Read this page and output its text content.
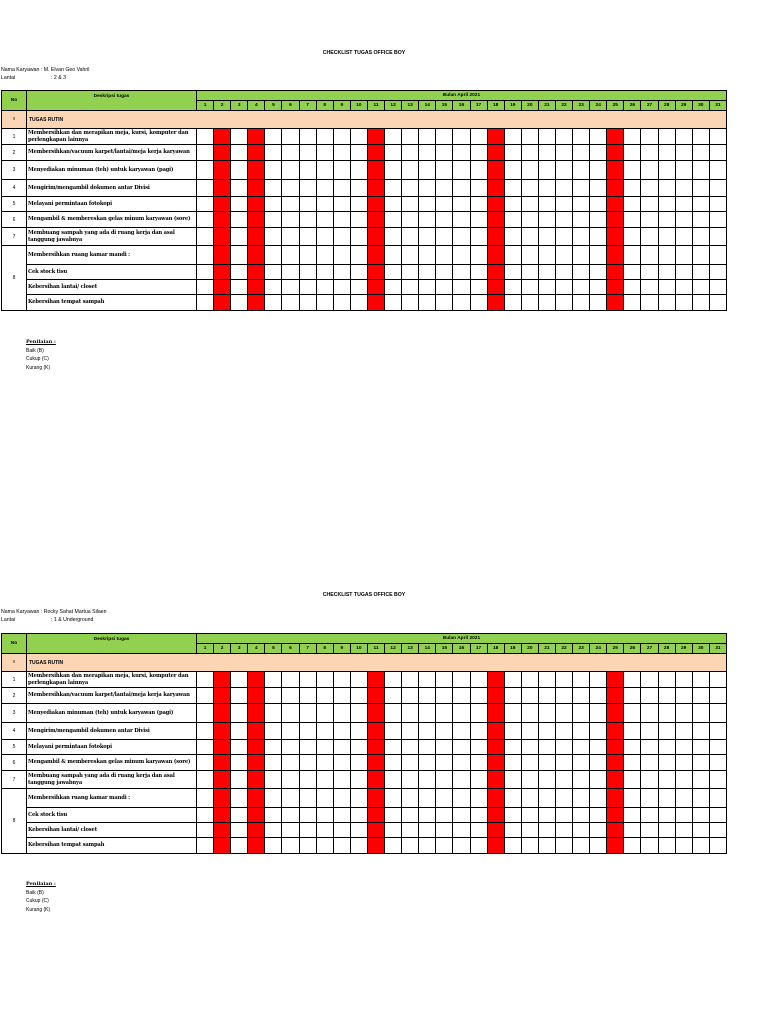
CHECKLIST TUGAS OFFICE BOY
Nama Karyawan : M. Elvan Geo Vahril
Lantai	: 2 & 3
No	Deskripsi tugas	Bulan April 2021																														
		1	2	3	4	5	6	7	8	9	10	11	12	13	14	15	16	17	18	19	20	21	22	23	24	25	26	27	28	29	30	31
I	TUGAS RUTIN																															
1	Membersihkan dan merapikan meja, kursi, komputer dan perlengkapan lainnya																															
2	Membersihkan/vacuum karpet/lantai/meja kerja karyawan																															
3	Menyediakan minuman (teh) untuk karyawan (pagi)																															
4	Mengirim/mengambil dokumen antar Divisi																															
5	Melayani permintaan fotokopi																															
6	Mengambil & membereskan gelas minum karyawan (sore)																															
7	Membuang sampah yang ada di ruang kerja dan asal tanggung jawabnya																															
8	Membersihkan ruang kamar mandi :																															
	Cek stock tisu																															
	Kebersihan lantai/ closet																															
	Kebersihan tempat sampah																															
Penilaian :
Baik (B)
Cukup (C)
Kurang (K)
CHECKLIST TUGAS OFFICE BOY
Nama Karyawan : Rocky Sahat Martua Silaen
Lantai	: 1 & Underground
No	Deskripsi tugas	Bulan April 2021																														
		1	2	3	4	5	6	7	8	9	10	11	12	13	14	15	16	17	18	19	20	21	22	23	24	25	26	27	28	29	30	31
I	TUGAS RUTIN																															
1	Membersihkan dan merapikan meja, kursi, komputer dan perlengkapan lainnya																															
2	Membersihkan/vacuum karpet/lantai/meja kerja karyawan																															
3	Menyediakan minuman (teh) untuk karyawan (pagi)																															
4	Mengirim/mengambil dokumen antar Divisi																															
5	Melayani permintaan fotokopi																															
6	Mengambil & membereskan gelas minum karyawan (sore)																															
7	Membuang sampah yang ada di ruang kerja dan asal tanggung jawabnya																															
8	Membersihkan ruang kamar mandi :																															
	Cek stock tisu																															
	Kebersihan lantai/ closet																															
	Kebersihan tempat sampah																															
Penilaian :
Baik (B)
Cukup (C)
Kurang (K)
